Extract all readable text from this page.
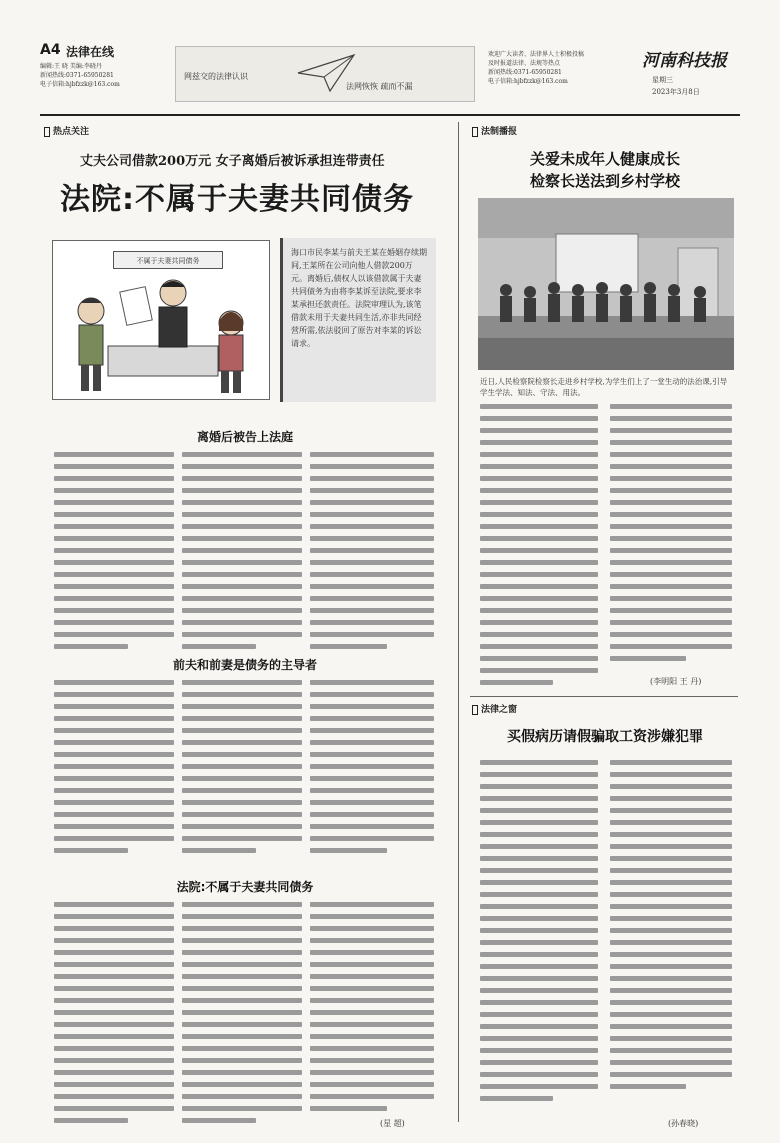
A4 法律在线
编辑:王 晓 美编:李晓丹
新闻热线:0371-65950281
电子信箱:hjbfzzk@163.com
网兹交的法律认识
法网恢恢 疏而不漏
欢迎广大读者、法律界人士积极投稿
及时报道法律、法规等热点
新闻热线:0371-65950281
电子信箱:hjbfzzk@163.com
河南科技报
星期三
2023年3月8日
热点关注
丈夫公司借款200万元 女子离婚后被诉承担连带责任
法院:不属于夫妻共同债务
不属于夫妻共同债务
海口市民李某与前夫王某在婚姻存续期间,王某所在公司向他人借款200万元。离婚后,债权人以该借款属于夫妻共同债务为由将李某诉至法院,要求李某承担还款责任。法院审理认为,该笔借款未用于夫妻共同生活,亦非共同经营所需,依法驳回了原告对李某的诉讼请求。
离婚后被告上法庭
前夫和前妻是债务的主导者
法院:不属于夫妻共同债务
(星 超)
法制播报
关爱未成年人健康成长
检察长送法到乡村学校
近日,人民检察院检察长走进乡村学校,为学生们上了一堂生动的法治课,引导学生学法、知法、守法、用法。
(李明阳 王 丹)
法律之窗
买假病历请假骗取工资涉嫌犯罪
(孙春晓)
